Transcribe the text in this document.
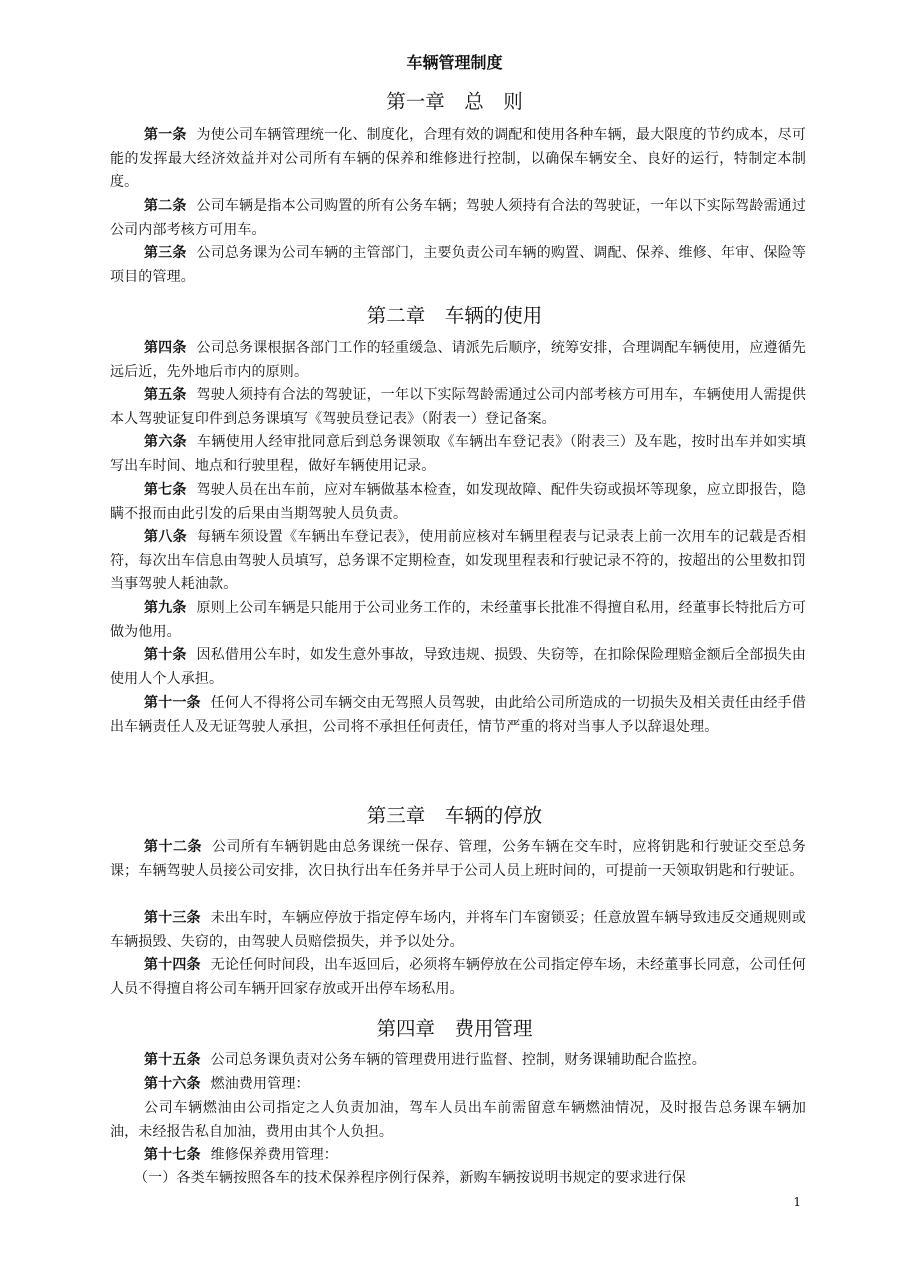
车辆管理制度
第一章　总　则

第一条 为使公司车辆管理统一化、制度化，合理有效的调配和使用各种车辆，最大限度的节约成本，尽可能的发挥最大经济效益并对公司所有车辆的保养和维修进行控制，以确保车辆安全、良好的运行，特制定本制度。

第二条 公司车辆是指本公司购置的所有公务车辆；驾驶人须持有合法的驾驶证，一年以下实际驾龄需通过公司内部考核方可用车。

第三条 公司总务课为公司车辆的主管部门，主要负责公司车辆的购置、调配、保养、维修、年审、保险等项目的管理。

第二章　车辆的使用

第四条 公司总务课根据各部门工作的轻重缓急、请派先后顺序，统筹安排，合理调配车辆使用，应遵循先远后近，先外地后市内的原则。

第五条 驾驶人须持有合法的驾驶证，一年以下实际驾龄需通过公司内部考核方可用车，车辆使用人需提供本人驾驶证复印件到总务课填写《驾驶员登记表》（附表一）登记备案。

第六条 车辆使用人经审批同意后到总务课领取《车辆出车登记表》（附表三）及车匙，按时出车并如实填写出车时间、地点和行驶里程，做好车辆使用记录。

第七条 驾驶人员在出车前，应对车辆做基本检查，如发现故障、配件失窃或损坏等现象，应立即报告，隐瞒不报而由此引发的后果由当期驾驶人员负责。

第八条 每辆车须设置《车辆出车登记表》，使用前应核对车辆里程表与记录表上前一次用车的记载是否相符，每次出车信息由驾驶人员填写，总务课不定期检查，如发现里程表和行驶记录不符的，按超出的公里数扣罚当事驾驶人耗油款。

第九条 原则上公司车辆是只能用于公司业务工作的，未经董事长批准不得擅自私用，经董事长特批后方可做为他用。

第十条 因私借用公车时，如发生意外事故，导致违规、损毁、失窃等，在扣除保险理赔金额后全部损失由使用人个人承担。

第十一条 任何人不得将公司车辆交由无驾照人员驾驶，由此给公司所造成的一切损失及相关责任由经手借出车辆责任人及无证驾驶人承担，公司将不承担任何责任，情节严重的将对当事人予以辞退处理。

第三章　车辆的停放

第十二条 公司所有车辆钥匙由总务课统一保存、管理，公务车辆在交车时，应将钥匙和行驶证交至总务课；车辆驾驶人员接公司安排，次日执行出车任务并早于公司人员上班时间的，可提前一天领取钥匙和行驶证。

第十三条 未出车时，车辆应停放于指定停车场内，并将车门车窗锁妥；任意放置车辆导致违反交通规则或车辆损毁、失窃的，由驾驶人员赔偿损失，并予以处分。

第十四条 无论任何时间段，出车返回后，必须将车辆停放在公司指定停车场，未经董事长同意，公司任何人员不得擅自将公司车辆开回家存放或开出停车场私用。

第四章　费用管理

第十五条 公司总务课负责对公务车辆的管理费用进行监督、控制，财务课辅助配合监控。

第十六条 燃油费用管理：

公司车辆燃油由公司指定之人负责加油，驾车人员出车前需留意车辆燃油情况，及时报告总务课车辆加油，未经报告私自加油，费用由其个人负担。

第十七条 维修保养费用管理：

（一）各类车辆按照各车的技术保养程序例行保养，新购车辆按说明书规定的要求进行保

1
